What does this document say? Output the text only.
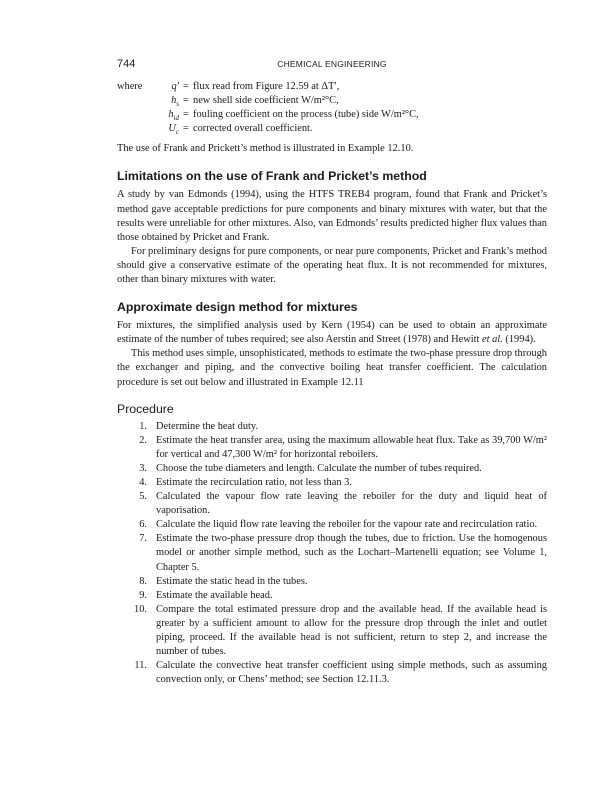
744	CHEMICAL ENGINEERING
where	q′ = flux read from Figure 12.59 at ΔT′,
$h_s$ = new shell side coefficient W/m²°C,
$h_{id}$ = fouling coefficient on the process (tube) side W/m²°C,
$U_c$ = corrected overall coefficient.

The use of Frank and Prickett’s method is illustrated in Example 12.10.

Limitations on the use of Frank and Pricket’s method

A study by van Edmonds (1994), using the HTFS TREB4 program, found that Frank and Pricket’s method gave acceptable predictions for pure components and binary mixtures with water, but that the results were unreliable for other mixtures. Also, van Edmonds’ results predicted higher flux values than those obtained by Pricket and Frank.

For preliminary designs for pure components, or near pure components, Pricket and Frank’s method should give a conservative estimate of the operating heat flux. It is not recommended for mixtures, other than binary mixtures with water.

Approximate design method for mixtures

For mixtures, the simplified analysis used by Kern (1954) can be used to obtain an approximate estimate of the number of tubes required; see also Aerstin and Street (1978) and Hewitt et al. (1994).

This method uses simple, unsophisticated, methods to estimate the two-phase pressure drop through the exchanger and piping, and the convective boiling heat transfer coefficient. The calculation procedure is set out below and illustrated in Example 12.11

Procedure
1. Determine the heat duty.
2. Estimate the heat transfer area, using the maximum allowable heat flux. Take as 39,700 W/m² for vertical and 47,300 W/m² for horizontal reboilers.
3. Choose the tube diameters and length. Calculate the number of tubes required.
4. Estimate the recirculation ratio, not less than 3.
5. Calculated the vapour flow rate leaving the reboiler for the duty and liquid heat of vaporisation.
6. Calculate the liquid flow rate leaving the reboiler for the vapour rate and recirculation ratio.
7. Estimate the two-phase pressure drop though the tubes, due to friction. Use the homogenous model or another simple method, such as the Lochart–Martenelli equation; see Volume 1, Chapter 5.
8. Estimate the static head in the tubes.
9. Estimate the available head.
10. Compare the total estimated pressure drop and the available head. If the available head is greater by a sufficient amount to allow for the pressure drop through the inlet and outlet piping, proceed. If the available head is not sufficient, return to step 2, and increase the number of tubes.
11. Calculate the convective heat transfer coefficient using simple methods, such as assuming convection only, or Chens’ method; see Section 12.11.3.
